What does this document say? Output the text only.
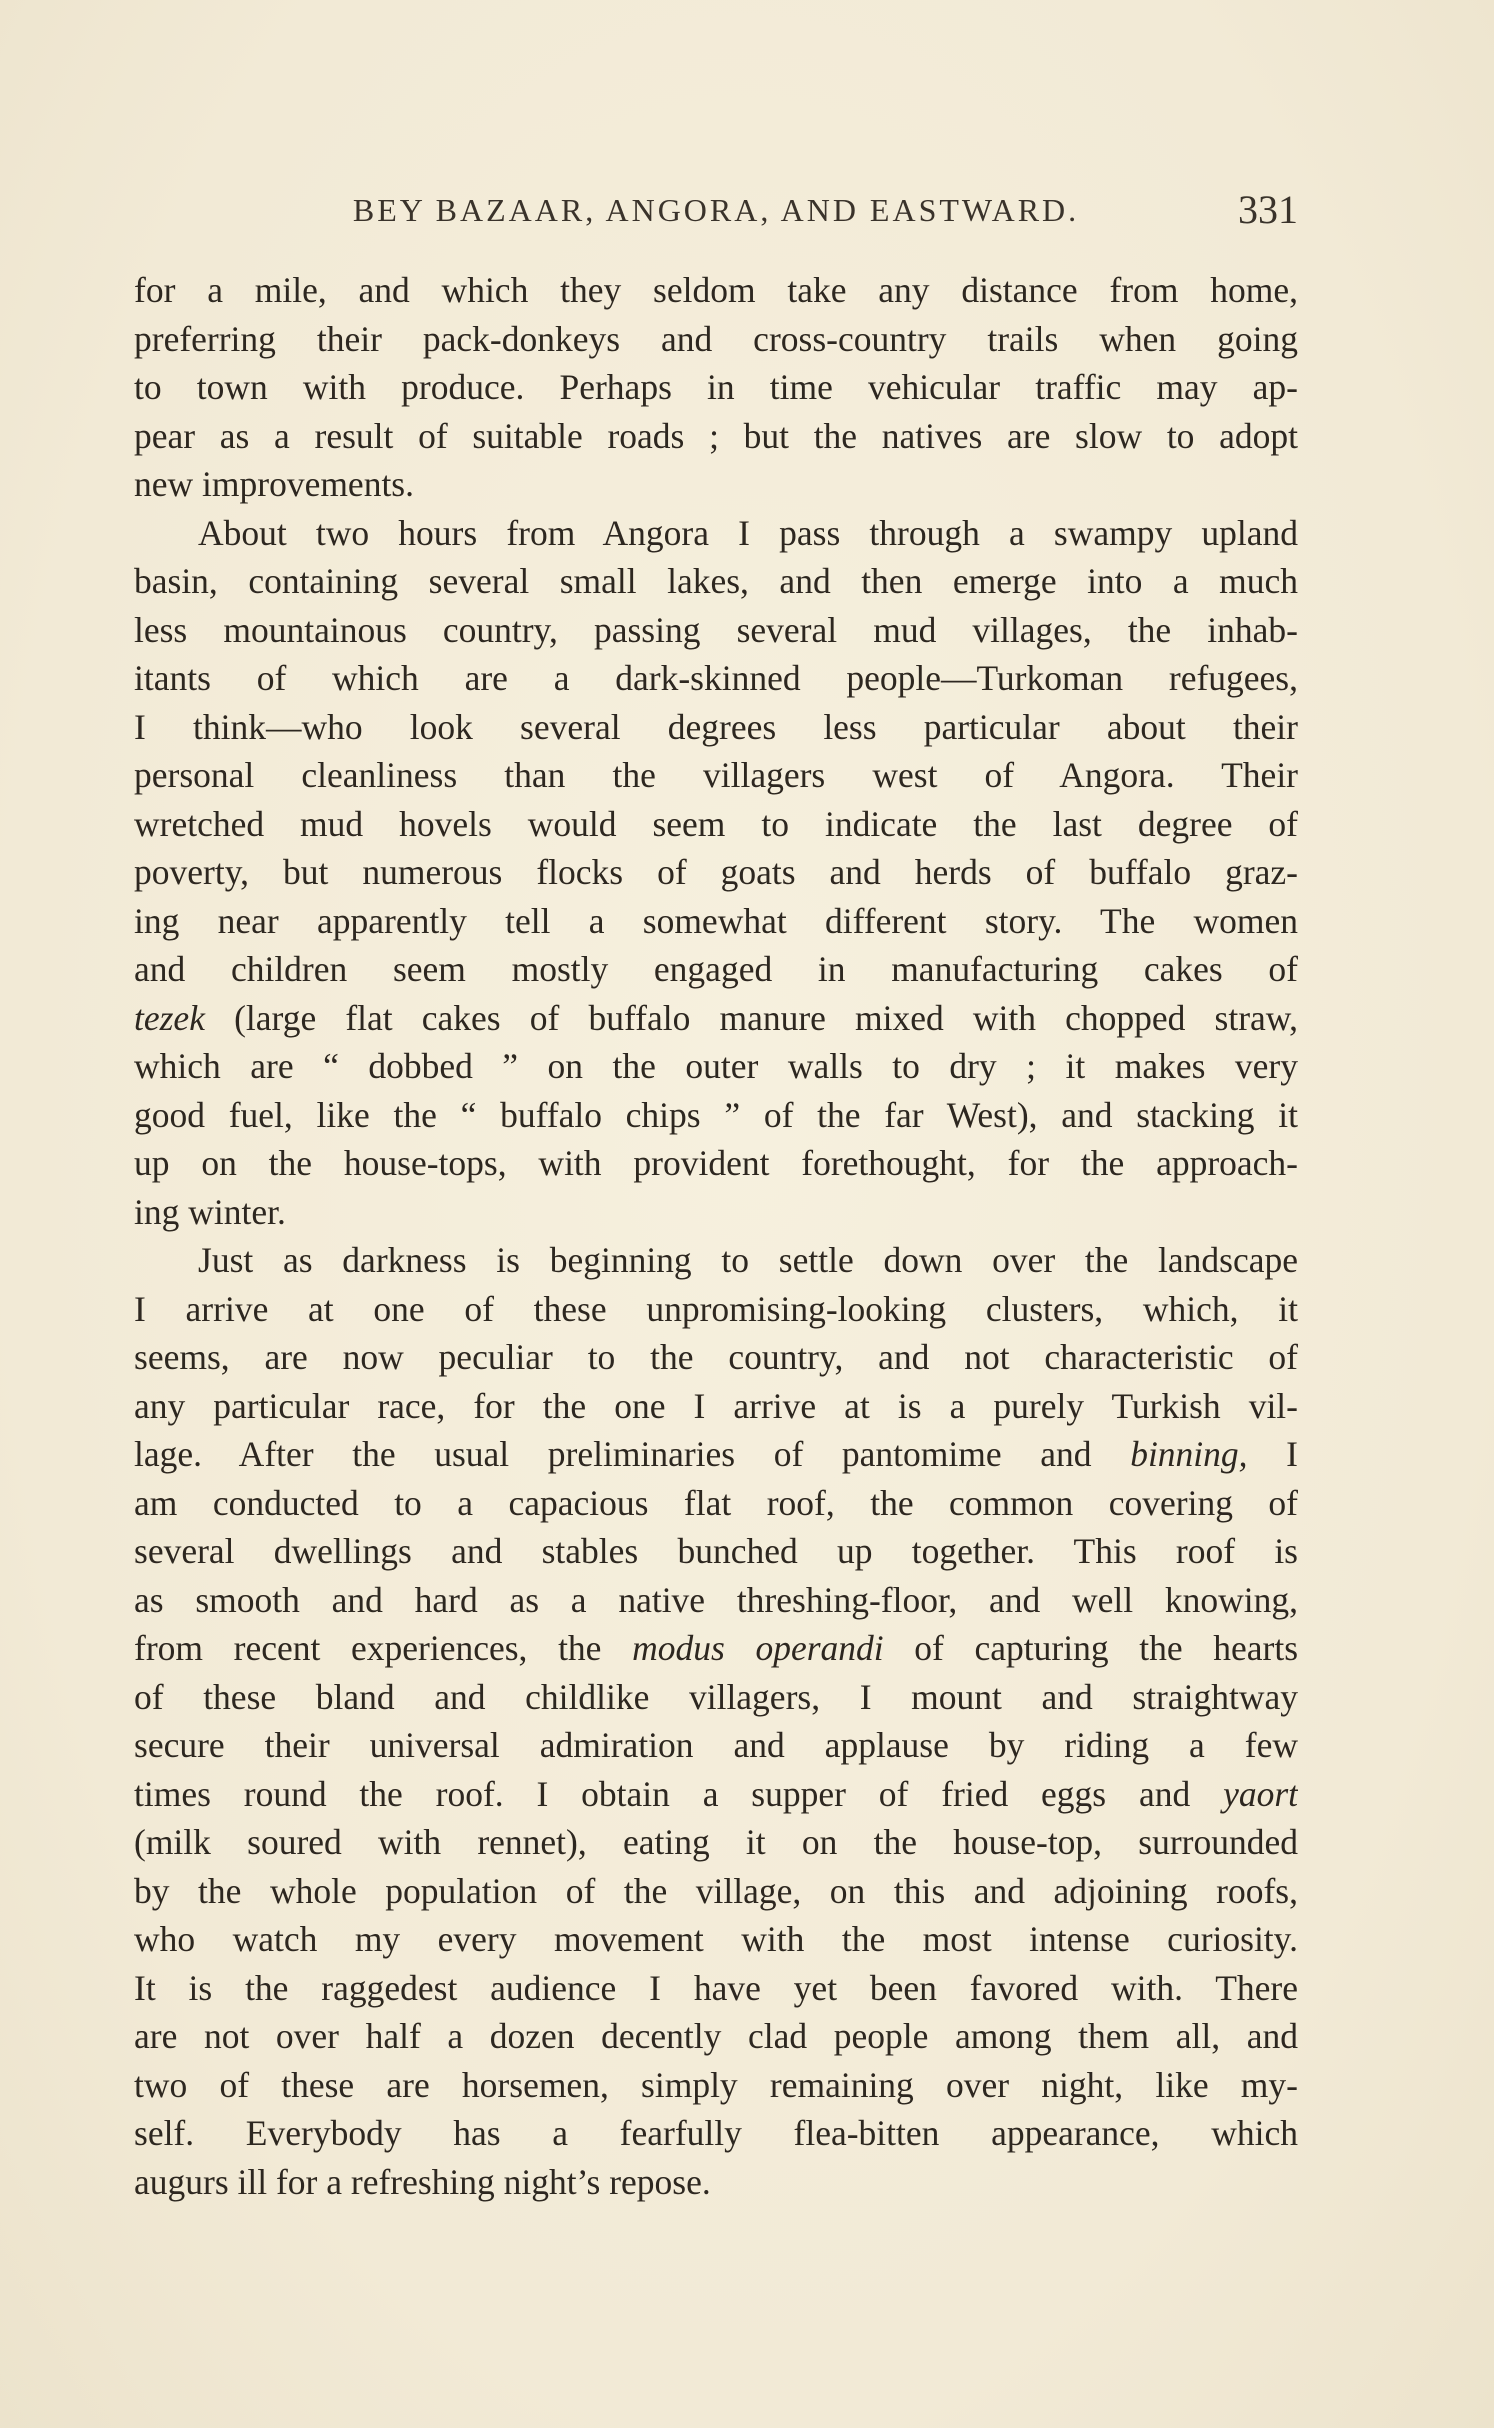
BEY BAZAAR, ANGORA, AND EASTWARD.	331
for a mile, and which they seldom take any distance from home,
preferring their pack-donkeys and cross-country trails when going
to town with produce. Perhaps in time vehicular traffic may ap-
pear as a result of suitable roads ; but the natives are slow to adopt
new improvements.
About two hours from Angora I pass through a swampy upland
basin, containing several small lakes, and then emerge into a much
less mountainous country, passing several mud villages, the inhab-
itants of which are a dark-skinned people—Turkoman refugees,
I think—who look several degrees less particular about their
personal cleanliness than the villagers west of Angora. Their
wretched mud hovels would seem to indicate the last degree of
poverty, but numerous flocks of goats and herds of buffalo graz-
ing near apparently tell a somewhat different story. The women
and children seem mostly engaged in manufacturing cakes of
tezek (large flat cakes of buffalo manure mixed with chopped straw,
which are “ dobbed ” on the outer walls to dry ; it makes very
good fuel, like the “ buffalo chips ” of the far West), and stacking it
up on the house-tops, with provident forethought, for the approach-
ing winter.
Just as darkness is beginning to settle down over the landscape
I arrive at one of these unpromising-looking clusters, which, it
seems, are now peculiar to the country, and not characteristic of
any particular race, for the one I arrive at is a purely Turkish vil-
lage. After the usual preliminaries of pantomime and binning, I
am conducted to a capacious flat roof, the common covering of
several dwellings and stables bunched up together. This roof is
as smooth and hard as a native threshing-floor, and well knowing,
from recent experiences, the modus operandi of capturing the hearts
of these bland and childlike villagers, I mount and straightway
secure their universal admiration and applause by riding a few
times round the roof. I obtain a supper of fried eggs and yaort
(milk soured with rennet), eating it on the house-top, surrounded
by the whole population of the village, on this and adjoining roofs,
who watch my every movement with the most intense curiosity.
It is the raggedest audience I have yet been favored with. There
are not over half a dozen decently clad people among them all, and
two of these are horsemen, simply remaining over night, like my-
self. Everybody has a fearfully flea-bitten appearance, which
augurs ill for a refreshing night’s repose.
